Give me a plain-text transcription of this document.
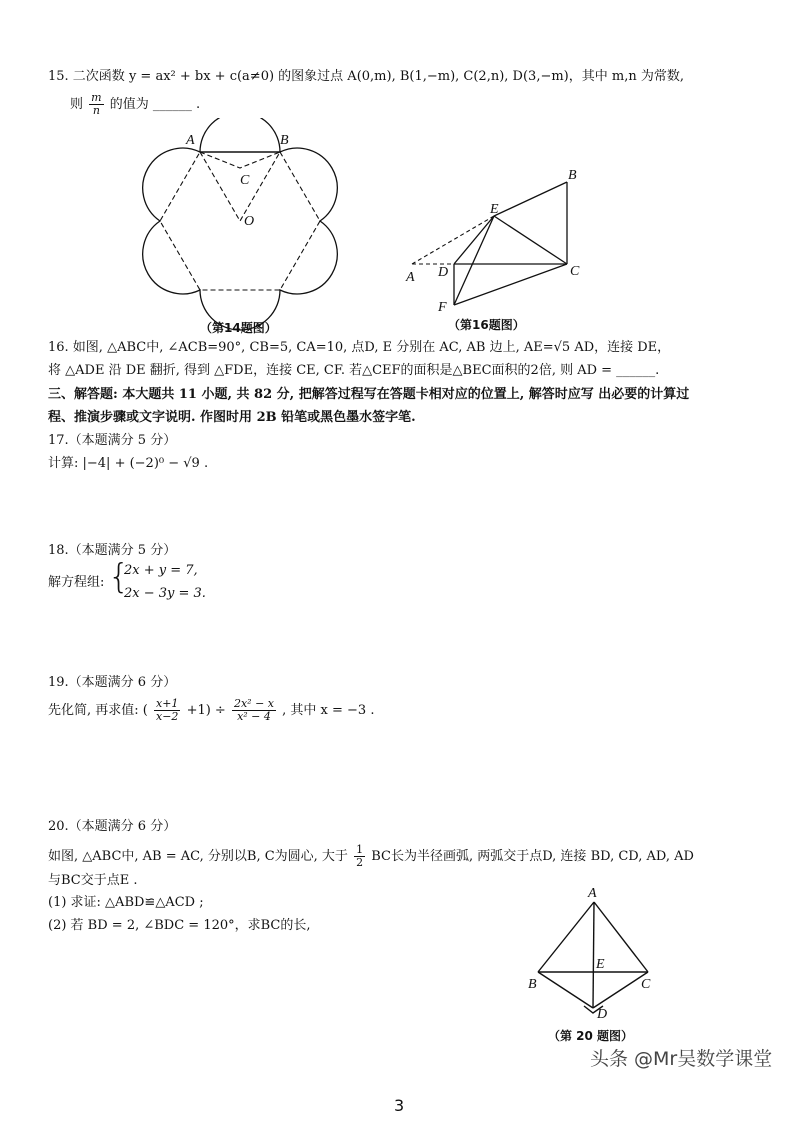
15. 二次函数 y = ax² + bx + c(a≠0) 的图象过点 A(0,m), B(1,−m), C(2,n), D(3,−m)，其中 m,n 为常数,
则 $\frac{m}{n}$ 的值为 ______ .
A	B
C
O
（第14题图）
A
B
C
D
E
F
（第16题图）
16. 如图, △ABC中, ∠ACB=90°, CB=5, CA=10, 点D, E 分别在 AC, AB 边上, AE=√5 AD，连接 DE，
将 △ADE 沿 DE 翻折, 得到 △FDE，连接 CE, CF. 若△CEF的面积是△BEC面积的2倍, 则 AD = ______.
三、解答题: 本大题共 11 小题, 共 82 分, 把解答过程写在答题卡相对应的位置上, 解答时应写 出必要的计算过
程、推演步骤或文字说明. 作图时用 2B 铅笔或黑色墨水签字笔.
17.（本题满分 5 分）
计算: |−4| + (−2)⁰ − √9 .
18.（本题满分 5 分）
解方程组: {
2x + y = 7,
2x − 3y = 3.
19.（本题满分 6 分）
先化简, 再求值: ( $\frac{x+1}{x-2} +1) \div \frac{\text{2x² − x}}{\text{x² − 4}}$ , 其中 x = −3 .
20.（本题满分 6 分）
如图, △ABC中, AB = AC, 分别以B, C为圆心, 大于 $\frac{1}{2}$ BC长为半径画弧, 两弧交于点D, 连接 BD, CD, AD, AD
与BC交于点E .
(1) 求证: △ABD≌△ACD ;
(2) 若 BD = 2, ∠BDC = 120°，求BC的长,
A
B	C
D
E
（第 20 题图）
头条 @Mr吴数学课堂
3
